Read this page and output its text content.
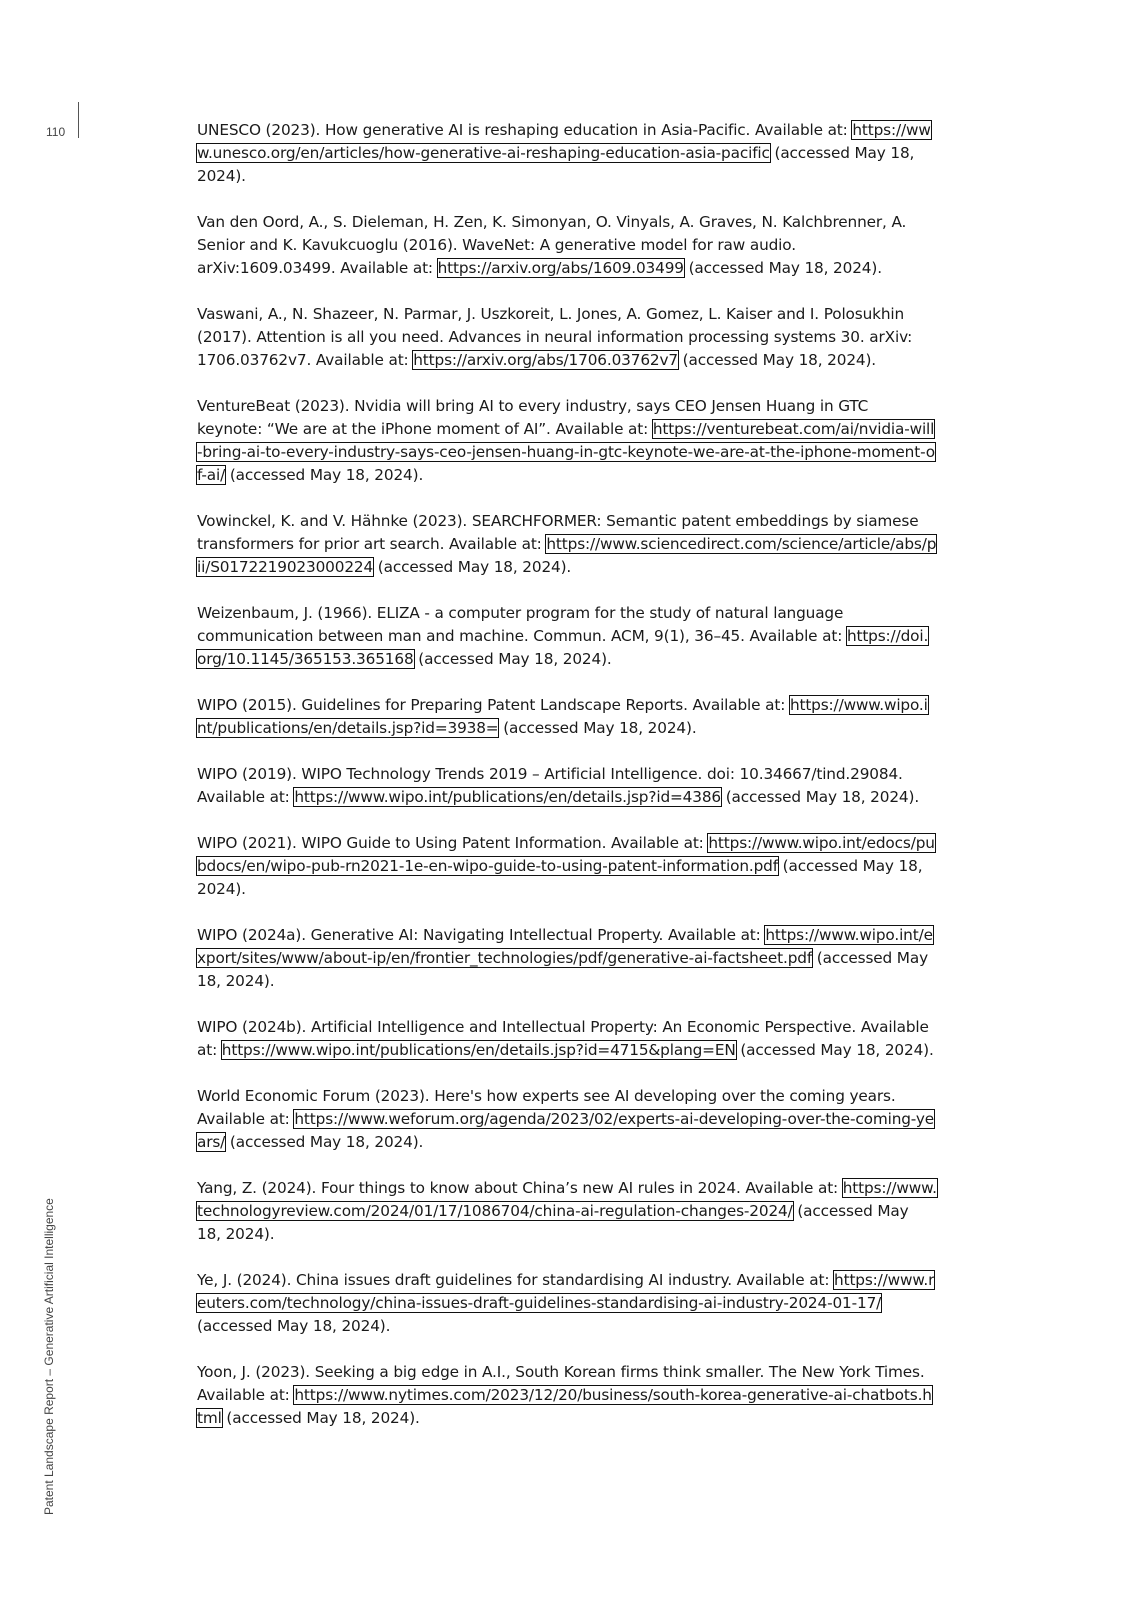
110
Patent Landscape Report – Generative Artificial Intelligence
UNESCO (2023). How generative AI is reshaping education in Asia-Pacific. Available at: https://www.unesco.org/en/articles/how-generative-ai-reshaping-education-asia-pacific (accessed May 18, 2024).
Van den Oord, A., S. Dieleman, H. Zen, K. Simonyan, O. Vinyals, A. Graves, N. Kalchbrenner, A. Senior and K. Kavukcuoglu (2016). WaveNet: A generative model for raw audio. arXiv:1609.03499. Available at: https://arxiv.org/abs/1609.03499 (accessed May 18, 2024).
Vaswani, A., N. Shazeer, N. Parmar, J. Uszkoreit, L. Jones, A. Gomez, L. Kaiser and I. Polosukhin (2017). Attention is all you need. Advances in neural information processing systems 30. arXiv: 1706.03762v7. Available at: https://arxiv.org/abs/1706.03762v7 (accessed May 18, 2024).
VentureBeat (2023). Nvidia will bring AI to every industry, says CEO Jensen Huang in GTC keynote: “We are at the iPhone moment of AI”. Available at: https://venturebeat.com/ai/nvidia-will-bring-ai-to-every-industry-says-ceo-jensen-huang-in-gtc-keynote-we-are-at-the-iphone-moment-of-ai/ (accessed May 18, 2024).
Vowinckel, K. and V. Hähnke (2023). SEARCHFORMER: Semantic patent embeddings by siamese transformers for prior art search. Available at: https://www.sciencedirect.com/science/article/abs/pii/S0172219023000224 (accessed May 18, 2024).
Weizenbaum, J. (1966). ELIZA - a computer program for the study of natural language communication between man and machine. Commun. ACM, 9(1), 36–45. Available at: https://doi.org/10.1145/365153.365168 (accessed May 18, 2024).
WIPO (2015). Guidelines for Preparing Patent Landscape Reports. Available at: https://www.wipo.int/publications/en/details.jsp?id=3938= (accessed May 18, 2024).
WIPO (2019). WIPO Technology Trends 2019 – Artificial Intelligence. doi: 10.34667/tind.29084. Available at: https://www.wipo.int/publications/en/details.jsp?id=4386 (accessed May 18, 2024).
WIPO (2021). WIPO Guide to Using Patent Information. Available at: https://www.wipo.int/edocs/pubdocs/en/wipo-pub-rn2021-1e-en-wipo-guide-to-using-patent-information.pdf (accessed May 18, 2024).
WIPO (2024a). Generative AI: Navigating Intellectual Property. Available at: https://www.wipo.int/export/sites/www/about-ip/en/frontier_technologies/pdf/generative-ai-factsheet.pdf (accessed May 18, 2024).
WIPO (2024b). Artificial Intelligence and Intellectual Property: An Economic Perspective. Available at: https://www.wipo.int/publications/en/details.jsp?id=4715&plang=EN (accessed May 18, 2024).
World Economic Forum (2023). Here's how experts see AI developing over the coming years. Available at: https://www.weforum.org/agenda/2023/02/experts-ai-developing-over-the-coming-years/ (accessed May 18, 2024).
Yang, Z. (2024). Four things to know about China’s new AI rules in 2024. Available at: https://www.technologyreview.com/2024/01/17/1086704/china-ai-regulation-changes-2024/ (accessed May 18, 2024).
Ye, J. (2024). China issues draft guidelines for standardising AI industry. Available at: https://www.reuters.com/technology/china-issues-draft-guidelines-standardising-ai-industry-2024-01-17/ (accessed May 18, 2024).
Yoon, J. (2023). Seeking a big edge in A.I., South Korean firms think smaller. The New York Times. Available at: https://www.nytimes.com/2023/12/20/business/south-korea-generative-ai-chatbots.html (accessed May 18, 2024).
